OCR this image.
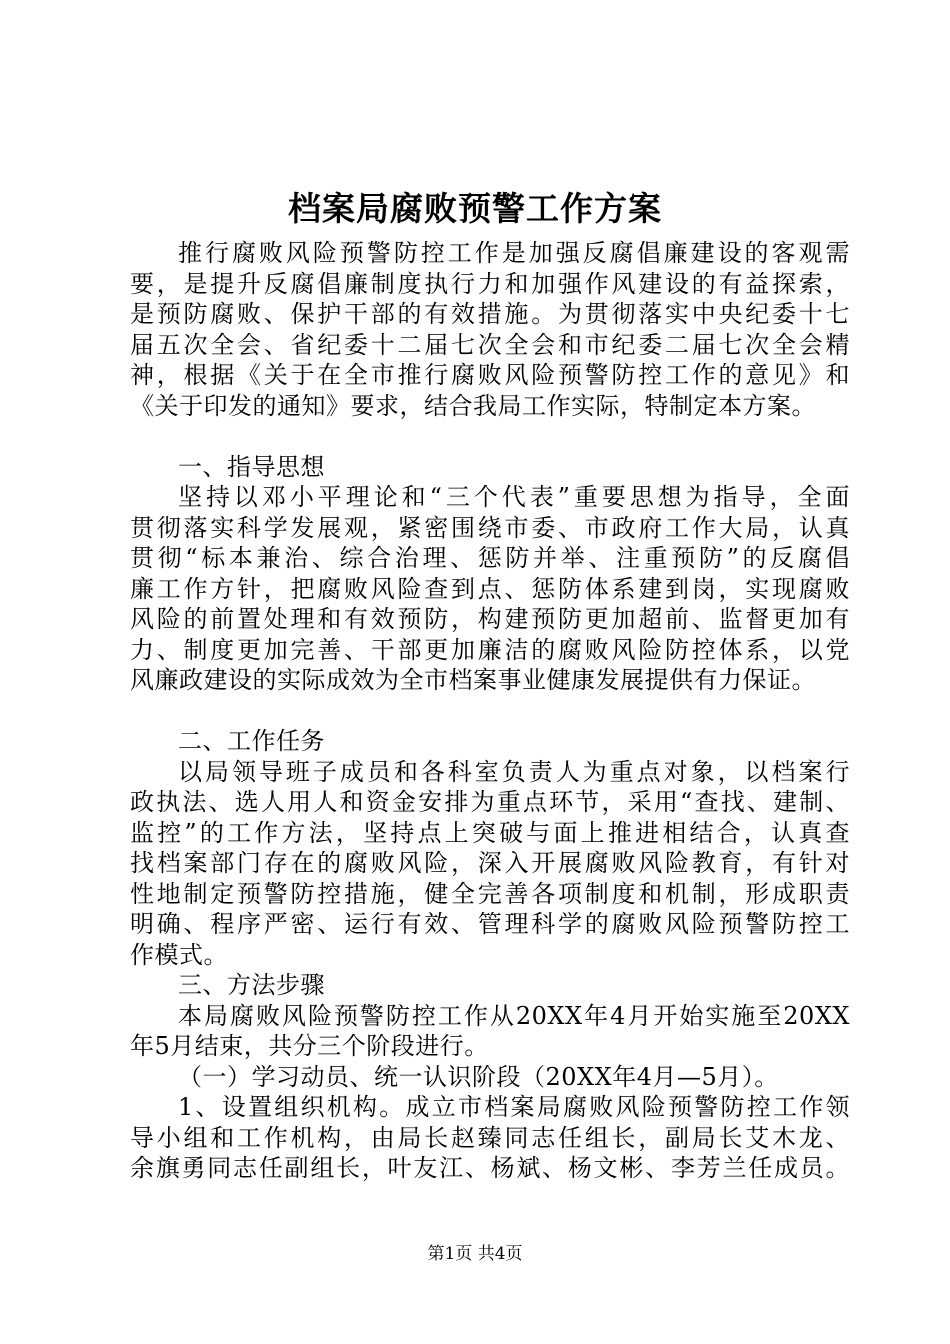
档案局腐败预警工作方案
推行腐败风险预警防控工作是加强反腐倡廉建设的客观需
要，是提升反腐倡廉制度执行力和加强作风建设的有益探索，
是预防腐败、保护干部的有效措施。为贯彻落实中央纪委十七
届五次全会、省纪委十二届七次全会和市纪委二届七次全会精
神，根据《关于在全市推行腐败风险预警防控工作的意见》和
《关于印发的通知》要求，结合我局工作实际，特制定本方案。
一、指导思想
坚持以邓小平理论和“三个代表”重要思想为指导，全面
贯彻落实科学发展观，紧密围绕市委、市政府工作大局，认真
贯彻“标本兼治、综合治理、惩防并举、注重预防”的反腐倡
廉工作方针，把腐败风险查到点、惩防体系建到岗，实现腐败
风险的前置处理和有效预防，构建预防更加超前、监督更加有
力、制度更加完善、干部更加廉洁的腐败风险防控体系，以党
风廉政建设的实际成效为全市档案事业健康发展提供有力保证。
二、工作任务
以局领导班子成员和各科室负责人为重点对象，以档案行
政执法、选人用人和资金安排为重点环节，采用“查找、建制、
监控”的工作方法，坚持点上突破与面上推进相结合，认真查
找档案部门存在的腐败风险，深入开展腐败风险教育，有针对
性地制定预警防控措施，健全完善各项制度和机制，形成职责
明确、程序严密、运行有效、管理科学的腐败风险预警防控工
作模式。
三、方法步骤
本局腐败风险预警防控工作从20XX年4月开始实施至20XX
年5月结束，共分三个阶段进行。
（一）学习动员、统一认识阶段（20XX年4月—5月）。
1、设置组织机构。成立市档案局腐败风险预警防控工作领
导小组和工作机构，由局长赵臻同志任组长，副局长艾木龙、
余旗勇同志任副组长，叶友江、杨斌、杨文彬、李芳兰任成员。
第1页 共4页
